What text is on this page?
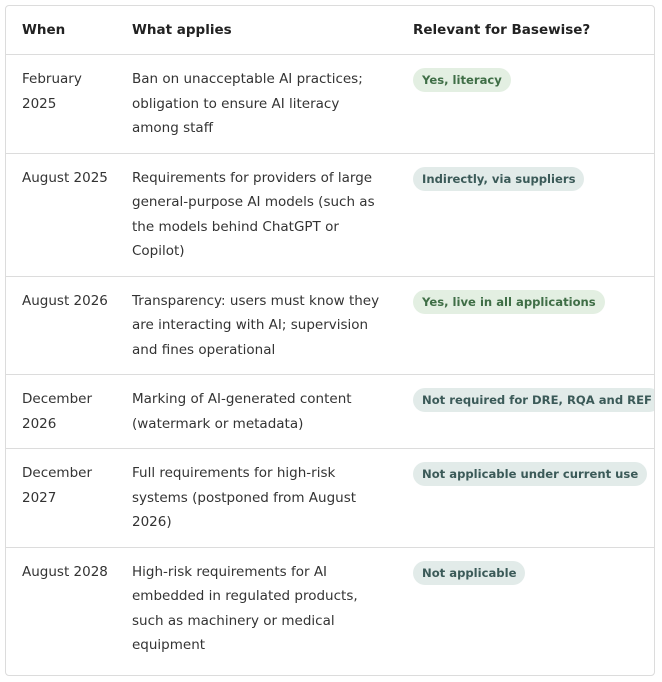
When	What applies	Relevant for Basewise?
February 2025	Ban on unacceptable AI practices; obligation to ensure AI literacy among staff	Yes, literacy
August 2025	Requirements for providers of large general-purpose AI models (such as the models behind ChatGPT or Copilot)	Indirectly, via suppliers
August 2026	Transparency: users must know they are interacting with AI; supervision and fines operational	Yes, live in all applications
December 2026	Marking of AI-generated content (watermark or metadata)	Not required for DRE, RQA and REF
December 2027	Full requirements for high-risk systems (postponed from August 2026)	Not applicable under current use
August 2028	High-risk requirements for AI embedded in regulated products, such as machinery or medical equipment	Not applicable
